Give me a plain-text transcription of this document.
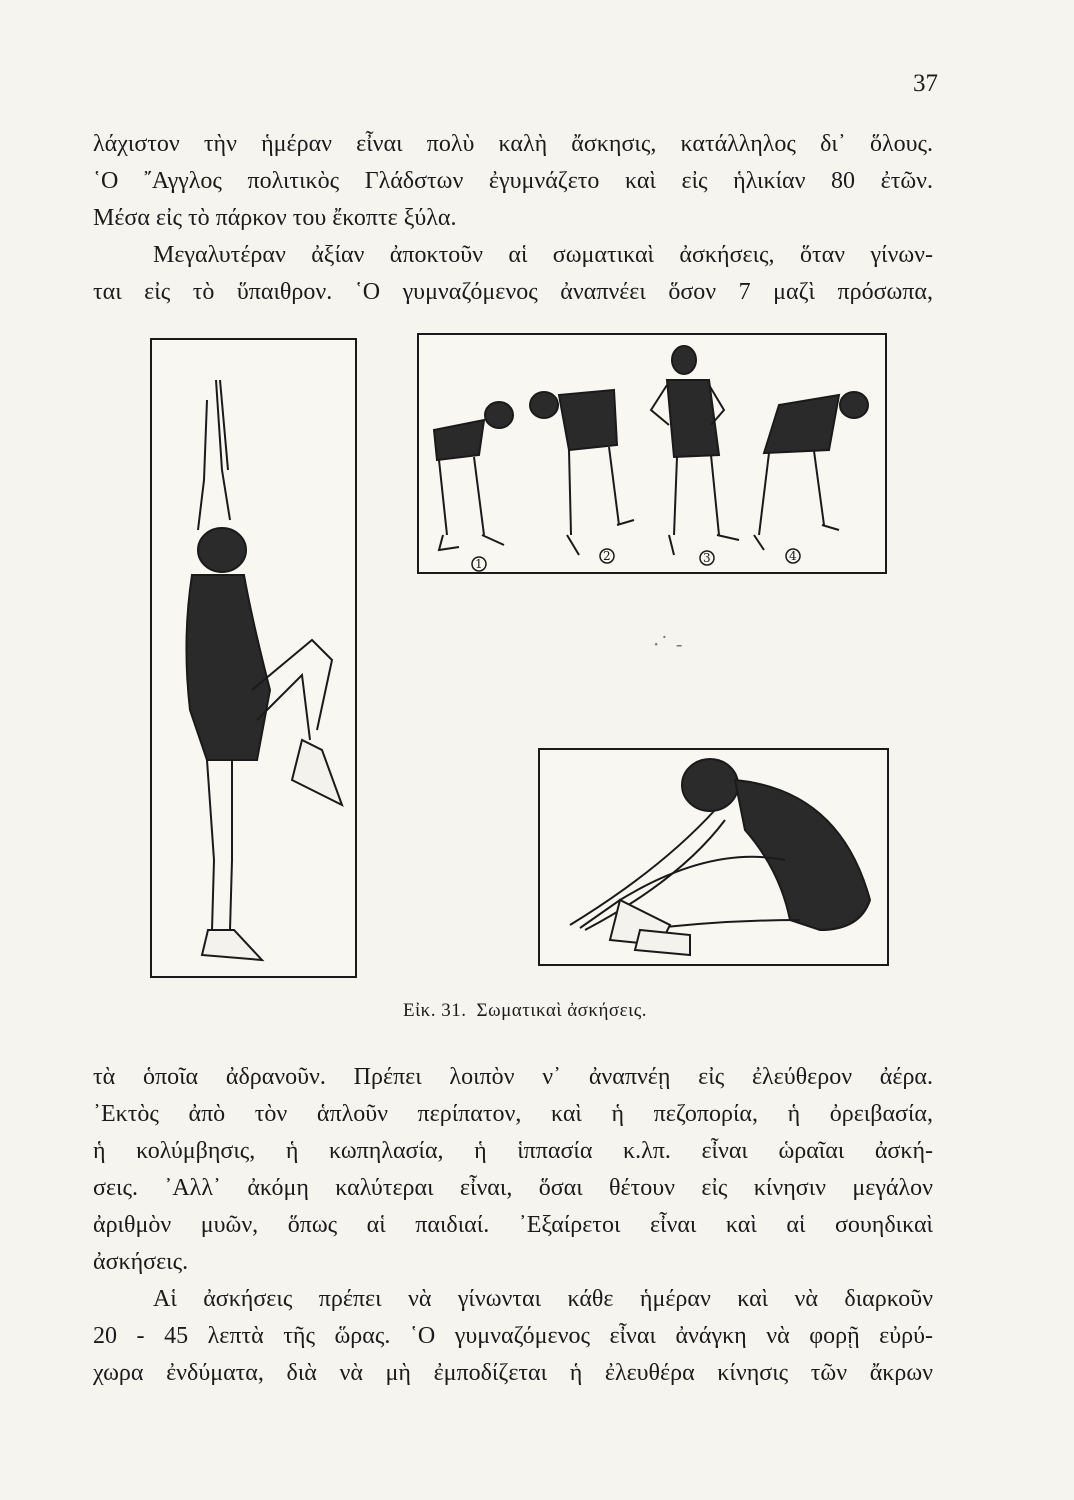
37
λάχιστον τὴν ἡμέραν εἶναι πολὺ καλὴ ἄσκησις, κατάλληλος δι᾽ ὅλους.
῾Ο ῎Αγγλος πολιτικὸς Γλάδστων ἐγυμνάζετο καὶ εἰς ἡλικίαν 80 ἐτῶν.
Μέσα εἰς τὸ πάρκον του ἔκοπτε ξύλα.
Μεγαλυτέραν ἀξίαν ἀποκτοῦν αἱ σωματικαὶ ἀσκήσεις, ὅταν γίνων-
ται εἰς τὸ ὕπαιθρον. ῾Ο γυμναζόμενος ἀναπνέει ὅσον 7 μαζὶ πρόσωπα,
1
2	3	4
·˙ -
Εἰκ. 31. Σωματικαὶ ἀσκήσεις.
τὰ ὁποῖα ἀδρανοῦν. Πρέπει λοιπὸν ν᾽ ἀναπνέῃ εἰς ἐλεύθερον ἀέρα.
᾽Εκτὸς ἀπὸ τὸν ἁπλοῦν περίπατον, καὶ ἡ πεζοπορία, ἡ ὀρειβασία,
ἡ κολύμβησις, ἡ κωπηλασία, ἡ ἱππασία κ.λπ. εἶναι ὡραῖαι ἀσκή-
σεις. ᾽Αλλ᾽ ἀκόμη καλύτεραι εἶναι, ὅσαι θέτουν εἰς κίνησιν μεγάλον
ἀριθμὸν μυῶν, ὅπως αἱ παιδιαί. ᾽Εξαίρετοι εἶναι καὶ αἱ σουηδικαὶ
ἀσκήσεις.
Αἱ ἀσκήσεις πρέπει νὰ γίνωνται κάθε ἡμέραν καὶ νὰ διαρκοῦν
20 - 45 λεπτὰ τῆς ὥρας. ῾Ο γυμναζόμενος εἶναι ἀνάγκη νὰ φορῇ εὐρύ-
χωρα ἐνδύματα, διὰ νὰ μὴ ἐμποδίζεται ἡ ἐλευθέρα κίνησις τῶν ἄκρων
